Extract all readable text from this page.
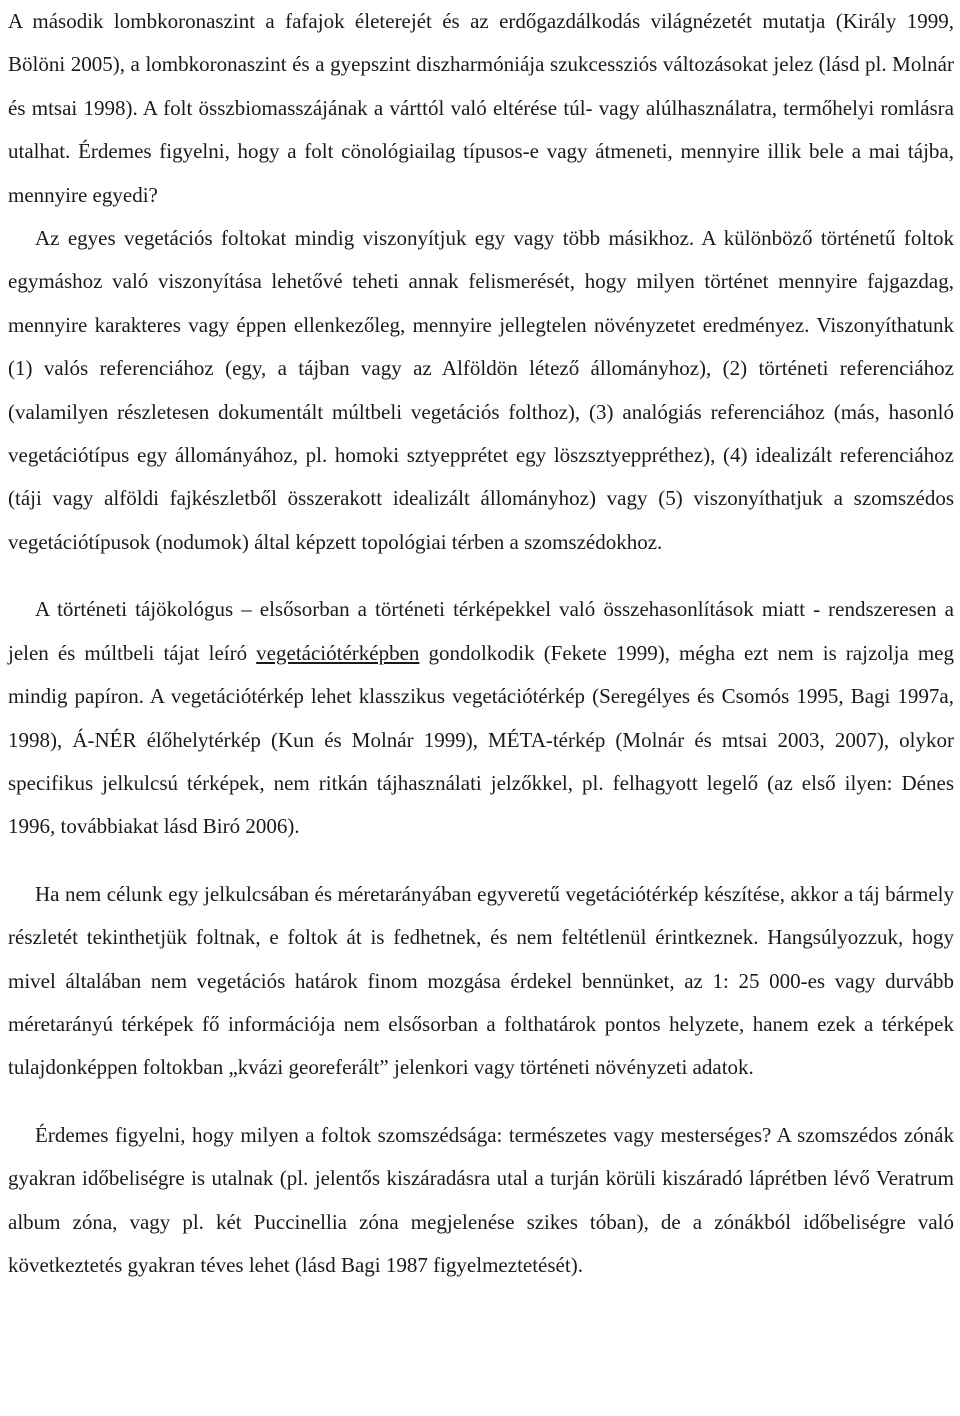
A második lombkoronaszint a fafajok életerejét és az erdőgazdálkodás világnézetét mutatja (Király 1999, Bölöni 2005), a lombkoronaszint és a gyepszint diszharmóniája szukcessziós változásokat jelez (lásd pl. Molnár és mtsai 1998). A folt összbiomasszájának a várttól való eltérése túl- vagy alúlhasználatra, termőhelyi romlásra utalhat. Érdemes figyelni, hogy a folt cönológiailag típusos-e vagy átmeneti, mennyire illik bele a mai tájba, mennyire egyedi?

Az egyes vegetációs foltokat mindig viszonyítjuk egy vagy több másikhoz. A különböző történetű foltok egymáshoz való viszonyítása lehetővé teheti annak felismerését, hogy milyen történet mennyire fajgazdag, mennyire karakteres vagy éppen ellenkezőleg, mennyire jellegtelen növényzetet eredményez. Viszonyíthatunk (1) valós referenciához (egy, a tájban vagy az Alföldön létező állományhoz), (2) történeti referenciához (valamilyen részletesen dokumentált múltbeli vegetációs folthoz), (3) analógiás referenciához (más, hasonló vegetációtípus egy állományához, pl. homoki sztyepprétet egy löszsztyeppréthez), (4) idealizált referenciához (táji vagy alföldi fajkészletből összerakott idealizált állományhoz) vagy (5) viszonyíthatjuk a szomszédos vegetációtípusok (nodumok) által képzett topológiai térben a szomszédokhoz.

A történeti tájökológus – elsősorban a történeti térképekkel való összehasonlítások miatt - rendszeresen a jelen és múltbeli tájat leíró vegetációtérképben gondolkodik (Fekete 1999), mégha ezt nem is rajzolja meg mindig papíron. A vegetációtérkép lehet klasszikus vegetációtérkép (Seregélyes és Csomós 1995, Bagi 1997a, 1998), Á-NÉR élőhelytérkép (Kun és Molnár 1999), MÉTA-térkép (Molnár és mtsai 2003, 2007), olykor specifikus jelkulcsú térképek, nem ritkán tájhasználati jelzőkkel, pl. felhagyott legelő (az első ilyen: Dénes 1996, továbbiakat lásd Biró 2006).

Ha nem célunk egy jelkulcsában és méretarányában egyveretű vegetációtérkép készítése, akkor a táj bármely részletét tekinthetjük foltnak, e foltok át is fedhetnek, és nem feltétlenül érintkeznek. Hangsúlyozzuk, hogy mivel általában nem vegetációs határok finom mozgása érdekel bennünket, az 1: 25 000-es vagy durvább méretarányú térképek fő információja nem elsősorban a folthatárok pontos helyzete, hanem ezek a térképek tulajdonképpen foltokban „kvázi georeferált” jelenkori vagy történeti növényzeti adatok.

Érdemes figyelni, hogy milyen a foltok szomszédsága: természetes vagy mesterséges? A szomszédos zónák gyakran időbeliségre is utalnak (pl. jelentős kiszáradásra utal a turján körüli kiszáradó láprétben lévő Veratrum album zóna, vagy pl. két Puccinellia zóna megjelenése szikes tóban), de a zónákból időbeliségre való következtetés gyakran téves lehet (lásd Bagi 1987 figyelmeztetését).
